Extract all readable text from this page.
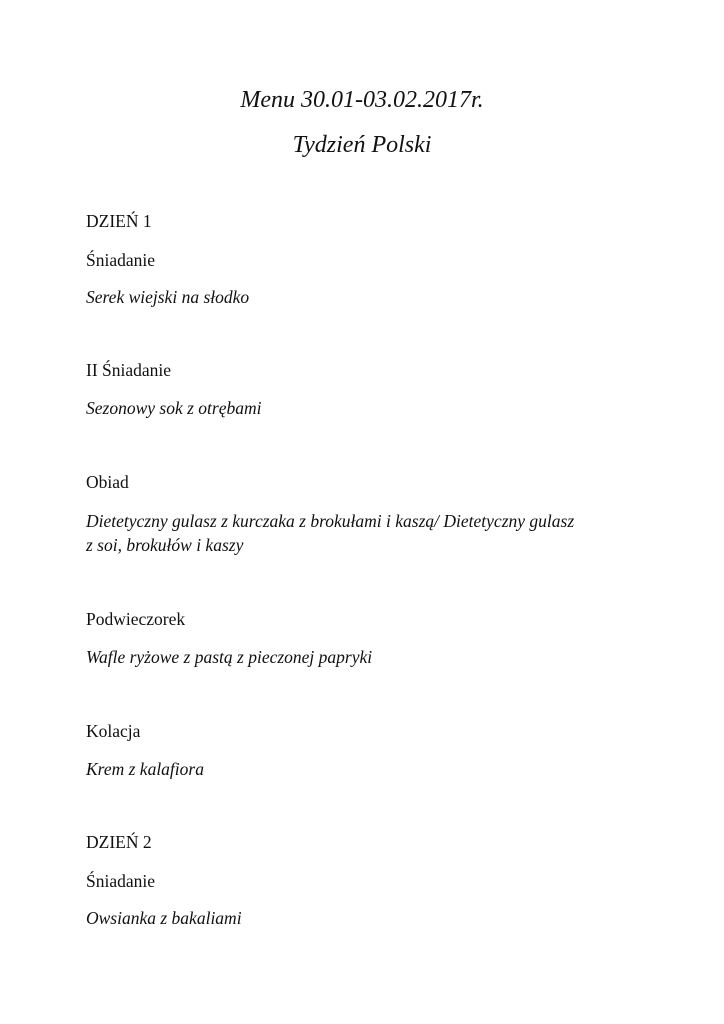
Menu 30.01-03.02.2017r.
Tydzień Polski

DZIEŃ 1

Śniadanie

Serek wiejski na słodko

II Śniadanie

Sezonowy sok z otrębami

Obiad

Dietetyczny gulasz z kurczaka z brokułami i kaszą/ Dietetyczny gulasz

z soi, brokułów i kaszy

Podwieczorek

Wafle ryżowe z pastą z pieczonej papryki

Kolacja

Krem z kalafiora

DZIEŃ 2

Śniadanie

Owsianka z bakaliami
